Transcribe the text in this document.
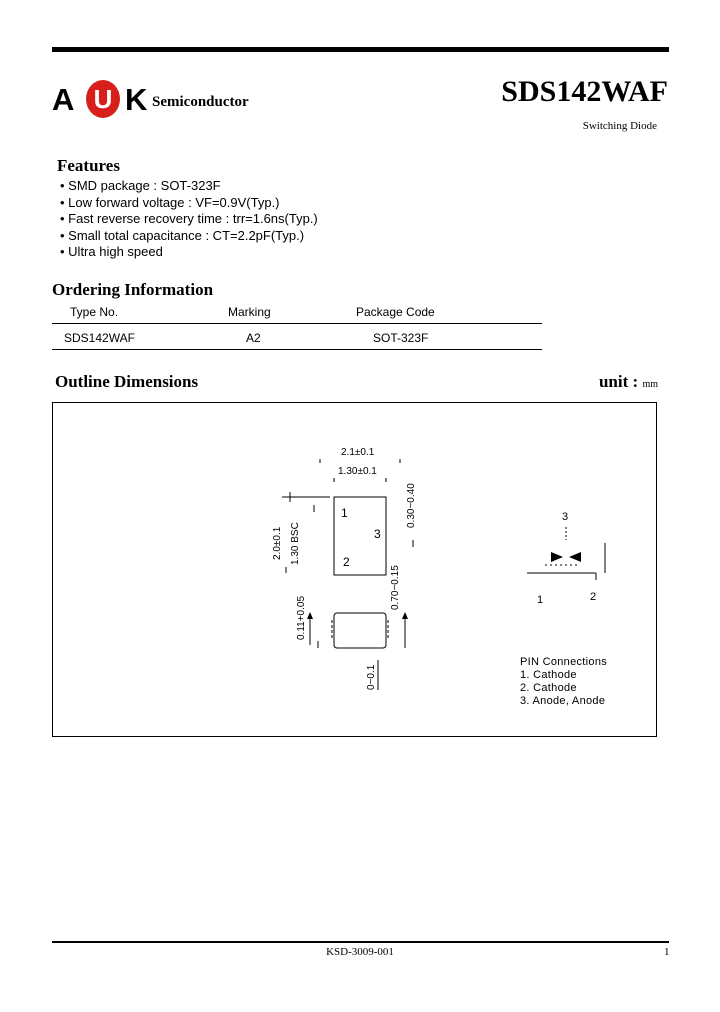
A U K Semiconductor	SDS142WAF
Switching Diode
Features
• SMD package : SOT-323F
• Low forward voltage : VF=0.9V(Typ.)
• Fast reverse recovery time : trr=1.6ns(Typ.)
• Small total capacitance : CT=2.2pF(Typ.)
• Ultra high speed
Ordering Information
Type No.	Marking	Package Code
SDS142WAF	A2	SOT-323F
Outline Dimensions	unit : mm
2.1±0.1
1.30±0.1
2.0±0.1 1.30 BSC
0.30~0.40
0.11+0.05
0.70~0.15
0~0.1
1
2
3
3
1	2
PIN Connections
1. Cathode
2. Cathode
3. Anode, Anode
KSD-3009-001	1
